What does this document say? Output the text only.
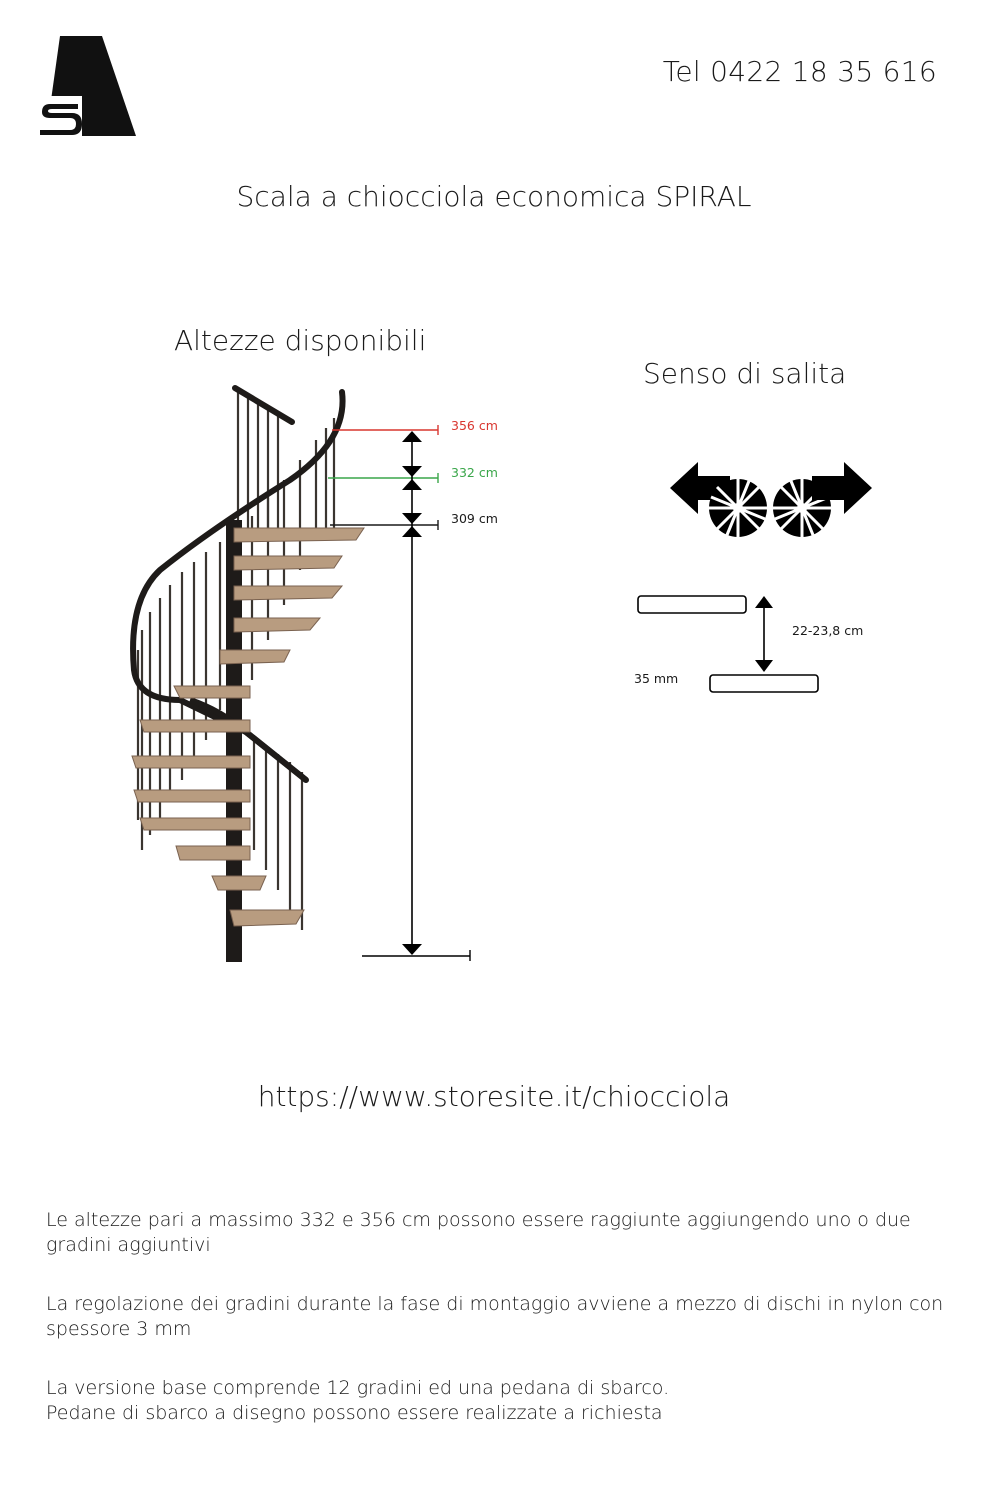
Tel 0422 18 35 616
Scala a chiocciola economica SPIRAL
Altezze disponibili
Senso di salita
356 cm
332 cm
309 cm
22-23,8 cm
35 mm
https://www.storesite.it/chiocciola

Le altezze pari a massimo 332 e 356 cm possono essere raggiunte aggiungendo uno o due gradini aggiuntivi

La regolazione dei gradini durante la fase di montaggio avviene a mezzo di dischi in nylon con spessore 3 mm

La versione base comprende 12 gradini ed una pedana di sbarco.
Pedane di sbarco a disegno possono essere realizzate a richiesta
